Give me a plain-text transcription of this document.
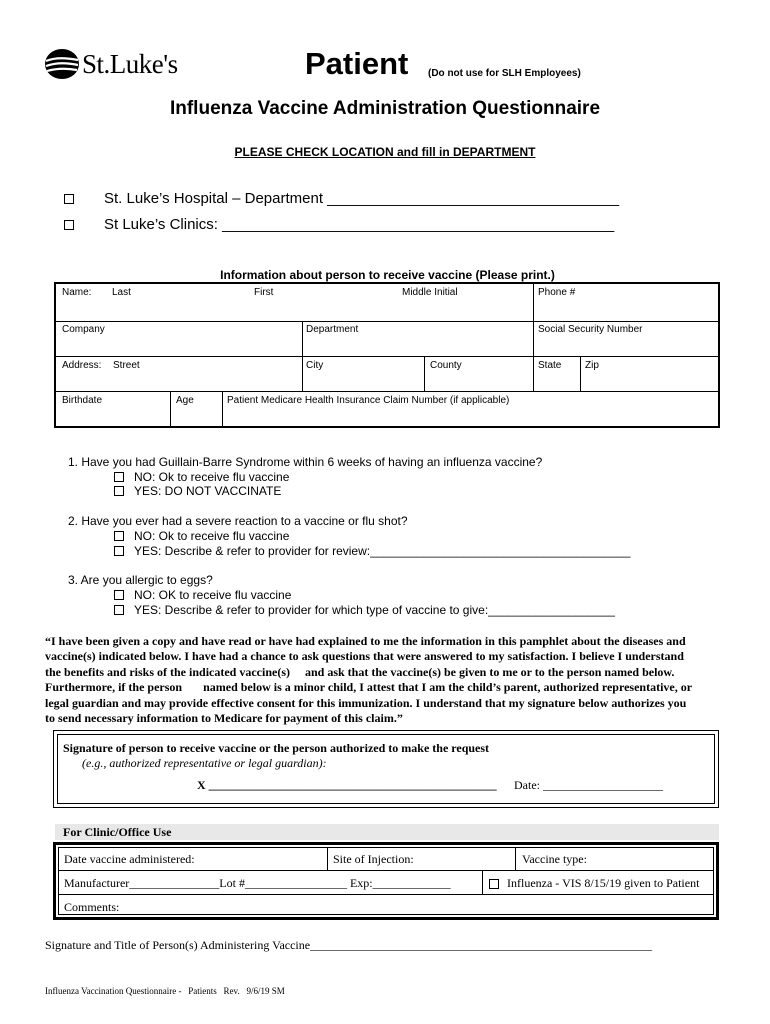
St.Luke's	Patient (Do not use for SLH Employees)
Influenza Vaccine Administration Questionnaire
PLEASE CHECK LOCATION and fill in DEPARTMENT
St. Luke’s Hospital – Department ___________________________________
St Luke’s Clinics: _______________________________________________
Information about person to receive vaccine (Please print.)
Name: Last	First	Middle Initial	Phone #
Company	Department	Social Security Number
Address: Street	City	County	State Zip
Birthdate	Age	Patient Medicare Health Insurance Claim Number (if applicable)
1. Have you had Guillain-Barre Syndrome within 6 weeks of having an influenza vaccine?
NO: Ok to receive flu vaccine
YES: DO NOT VACCINATE
2. Have you ever had a severe reaction to a vaccine or flu shot?
NO: Ok to receive flu vaccine
YES: Describe & refer to provider for review:_______________________________________
3. Are you allergic to eggs?
NO: OK to receive flu vaccine
YES: Describe & refer to provider for which type of vaccine to give:___________________
“I have been given a copy and have read or have had explained to me the information in this pamphlet about the diseases and
vaccine(s) indicated below. I have had a chance to ask questions that were answered to my satisfaction. I believe I understand
the benefits and risks of the indicated vaccine(s)     and ask that the vaccine(s) be given to me or to the person named below.
Furthermore, if the person       named below is a minor child, I attest that I am the child’s parent, authorized representative, or
legal guardian and may provide effective consent for this immunization. I understand that my signature below authorizes you
to send necessary information to Medicare for payment of this claim.”
Signature of person to receive vaccine or the person authorized to make the request
(e.g., authorized representative or legal guardian):
X ________________________________________________ Date: ____________________
For Clinic/Office Use
Date vaccine administered:	Site of Injection:	Vaccine type:
Manufacturer_______________Lot #_________________ Exp:_____________	Influenza - VIS 8/15/19 given to Patient
Comments:
Signature and Title of Person(s) Administering Vaccine_________________________________________________________
Influenza Vaccination Questionnaire -   Patients   Rev.   9/6/19 SM
